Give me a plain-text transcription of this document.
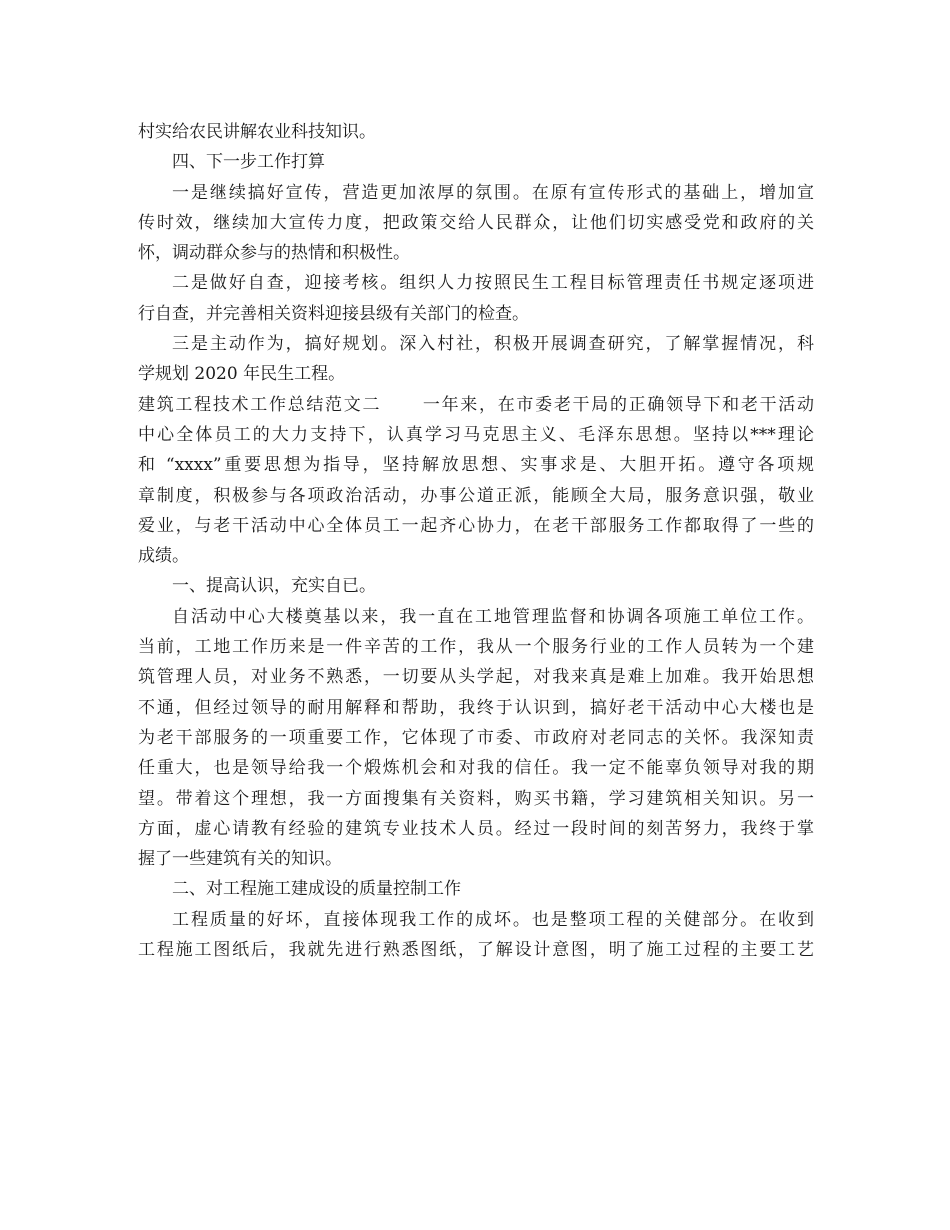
村实给农民讲解农业科技知识。
四、下一步工作打算
一是继续搞好宣传，营造更加浓厚的氛围。在原有宣传形式的基础上，增加宣
传时效，继续加大宣传力度，把政策交给人民群众，让他们切实感受党和政府的关
怀，调动群众参与的热情和积极性。
二是做好自查，迎接考核。组织人力按照民生工程目标管理责任书规定逐项进
行自查，并完善相关资料迎接县级有关部门的检查。
三是主动作为，搞好规划。深入村社，积极开展调查研究，了解掌握情况，科
学规划 2020 年民生工程。
建筑工程技术工作总结范文二 一年来，在市委老干局的正确领导下和老干活动
中心全体员工的大力支持下，认真学习马克思主义、毛泽东思想。坚持以***理论
和 “xxxx”重要思想为指导，坚持解放思想、实事求是、大胆开拓。遵守各项规
章制度，积极参与各项政治活动，办事公道正派，能顾全大局，服务意识强，敬业
爱业，与老干活动中心全体员工一起齐心协力，在老干部服务工作都取得了一些的
成绩。
一、提高认识，充实自已。
自活动中心大楼奠基以来，我一直在工地管理监督和协调各项施工单位工作。
当前，工地工作历来是一件辛苦的工作，我从一个服务行业的工作人员转为一个建
筑管理人员，对业务不熟悉，一切要从头学起，对我来真是难上加难。我开始思想
不通，但经过领导的耐用解释和帮助，我终于认识到，搞好老干活动中心大楼也是
为老干部服务的一项重要工作，它体现了市委、市政府对老同志的关怀。我深知责
任重大，也是领导给我一个煅炼机会和对我的信任。我一定不能辜负领导对我的期
望。带着这个理想，我一方面搜集有关资料，购买书籍，学习建筑相关知识。另一
方面，虚心请教有经验的建筑专业技术人员。经过一段时间的刻苦努力，我终于掌
握了一些建筑有关的知识。
二、对工程施工建成设的质量控制工作
工程质量的好坏，直接体现我工作的成坏。也是整项工程的关健部分。在收到
工程施工图纸后，我就先进行熟悉图纸，了解设计意图，明了施工过程的主要工艺
